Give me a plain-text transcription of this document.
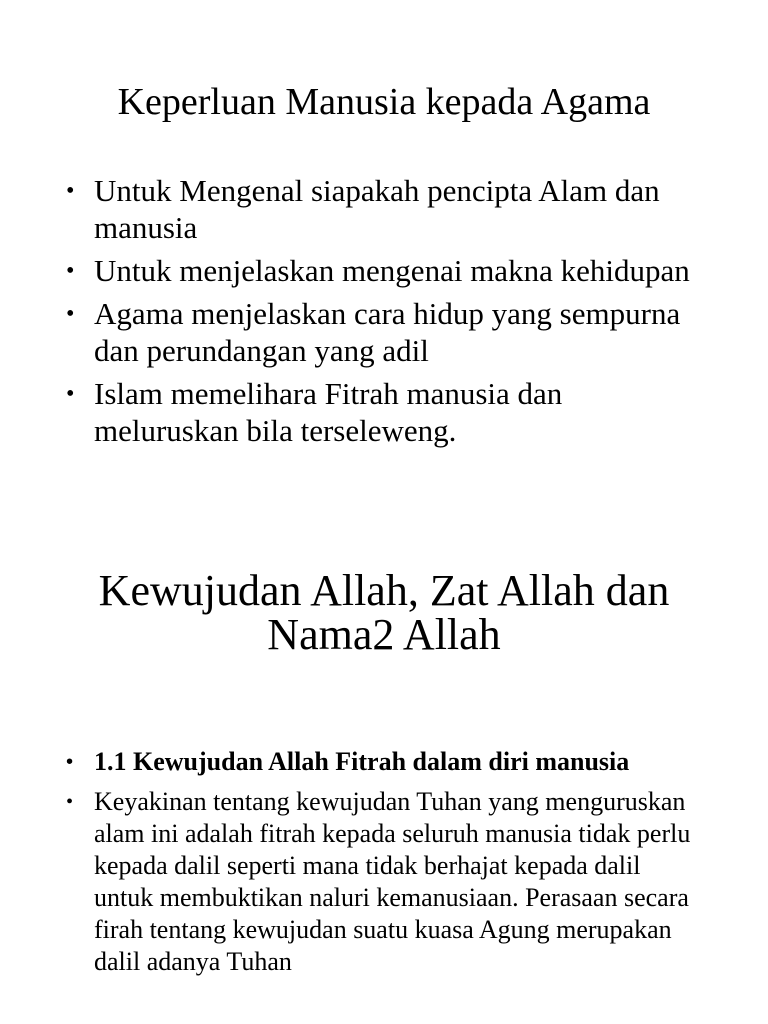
Keperluan Manusia kepada Agama
• Untuk Mengenal siapakah pencipta Alam dan manusia
• Untuk menjelaskan mengenai makna kehidupan
• Agama menjelaskan cara hidup yang sempurna dan perundangan yang adil
• Islam memelihara Fitrah manusia dan meluruskan bila terseleweng.
Kewujudan Allah, Zat Allah dan
Nama2 Allah
• 1.1 Kewujudan Allah Fitrah dalam diri manusia
• Keyakinan tentang kewujudan Tuhan yang menguruskan alam ini adalah fitrah kepada seluruh manusia tidak perlu kepada dalil seperti mana tidak berhajat kepada dalil untuk membuktikan naluri kemanusiaan. Perasaan secara firah tentang kewujudan suatu kuasa Agung merupakan dalil adanya Tuhan
